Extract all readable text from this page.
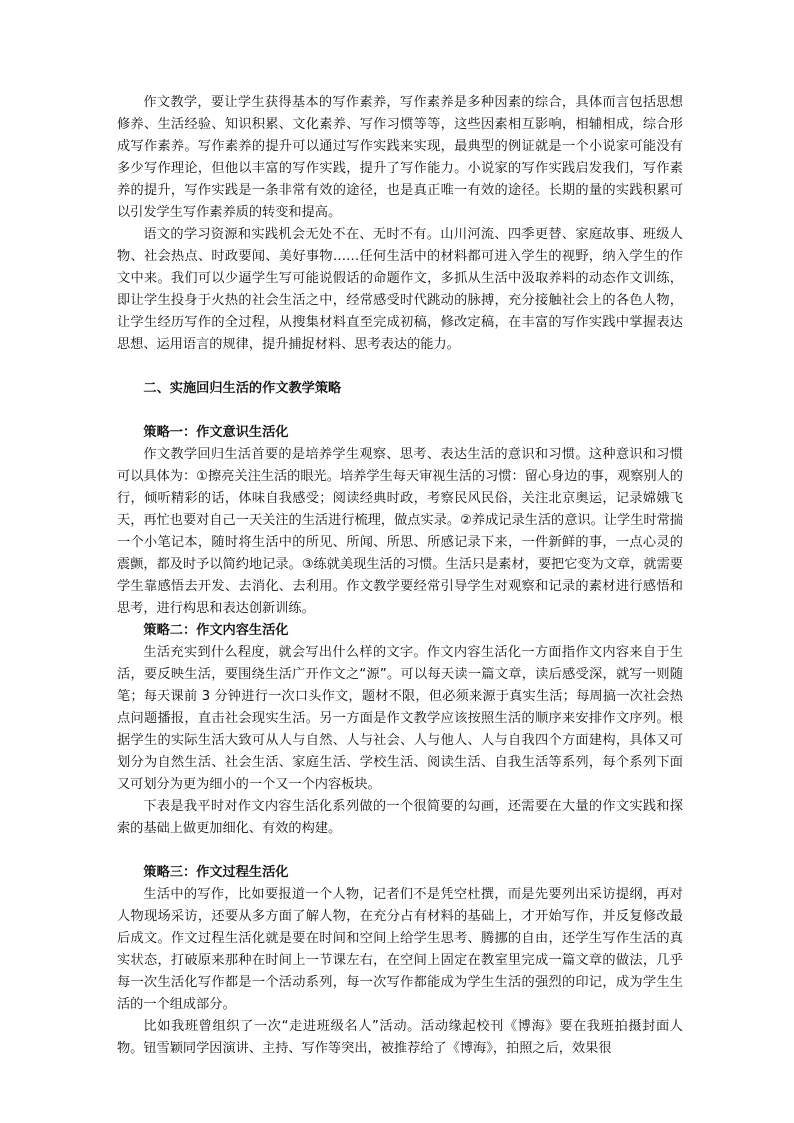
作文教学，要让学生获得基本的写作素养，写作素养是多种因素的综合，具体而言包括思想修养、生活经验、知识积累、文化素养、写作习惯等等，这些因素相互影响，相辅相成，综合形成写作素养。写作素养的提升可以通过写作实践来实现，最典型的例证就是一个小说家可能没有多少写作理论，但他以丰富的写作实践，提升了写作能力。小说家的写作实践启发我们，写作素养的提升，写作实践是一条非常有效的途径，也是真正唯一有效的途径。长期的量的实践积累可以引发学生写作素养质的转变和提高。

语文的学习资源和实践机会无处不在、无时不有。山川河流、四季更替、家庭故事、班级人物、社会热点、时政要闻、美好事物……任何生活中的材料都可进入学生的视野，纳入学生的作文中来。我们可以少逼学生写可能说假话的命题作文，多抓从生活中汲取养料的动态作文训练，即让学生投身于火热的社会生活之中，经常感受时代跳动的脉搏，充分接触社会上的各色人物，让学生经历写作的全过程，从搜集材料直至完成初稿，修改定稿，在丰富的写作实践中掌握表达思想、运用语言的规律，提升捕捉材料、思考表达的能力。

二、实施回归生活的作文教学策略

策略一：作文意识生活化

作文教学回归生活首要的是培养学生观察、思考、表达生活的意识和习惯。这种意识和习惯可以具体为：①擦亮关注生活的眼光。培养学生每天审视生活的习惯：留心身边的事，观察别人的行，倾听精彩的话，体味自我感受；阅读经典时政，考察民风民俗，关注北京奥运，记录嫦娥飞天，再忙也要对自己一天关注的生活进行梳理，做点实录。②养成记录生活的意识。让学生时常揣一个小笔记本，随时将生活中的所见、所闻、所思、所感记录下来，一件新鲜的事，一点心灵的震颤，都及时予以简约地记录。③练就美现生活的习惯。生活只是素材，要把它变为文章，就需要学生靠感悟去开发、去消化、去利用。作文教学要经常引导学生对观察和记录的素材进行感悟和思考，进行构思和表达创新训练。

策略二：作文内容生活化

生活充实到什么程度，就会写出什么样的文字。作文内容生活化一方面指作文内容来自于生活，要反映生活，要围绕生活广开作文之“源”。可以每天读一篇文章，读后感受深，就写一则随笔；每天课前 3 分钟进行一次口头作文，题材不限，但必须来源于真实生活；每周搞一次社会热点问题播报，直击社会现实生活。另一方面是作文教学应该按照生活的顺序来安排作文序列。根据学生的实际生活大致可从人与自然、人与社会、人与他人、人与自我四个方面建构，具体又可划分为自然生活、社会生活、家庭生活、学校生活、阅读生活、自我生活等系列，每个系列下面又可划分为更为细小的一个又一个内容板块。

下表是我平时对作文内容生活化系列做的一个很简要的勾画，还需要在大量的作文实践和探索的基础上做更加细化、有效的构建。

策略三：作文过程生活化

生活中的写作，比如要报道一个人物，记者们不是凭空杜撰，而是先要列出采访提纲，再对人物现场采访，还要从多方面了解人物，在充分占有材料的基础上，才开始写作，并反复修改最后成文。作文过程生活化就是要在时间和空间上给学生思考、腾挪的自由，还学生写作生活的真实状态，打破原来那种在时间上一节课左右，在空间上固定在教室里完成一篇文章的做法，几乎每一次生活化写作都是一个活动系列，每一次写作都能成为学生生活的强烈的印记，成为学生生活的一个组成部分。

比如我班曾组织了一次“走进班级名人”活动。活动缘起校刊《博海》要在我班拍摄封面人物。钮雪颖同学因演讲、主持、写作等突出，被推荐给了《博海》，拍照之后，效果很
